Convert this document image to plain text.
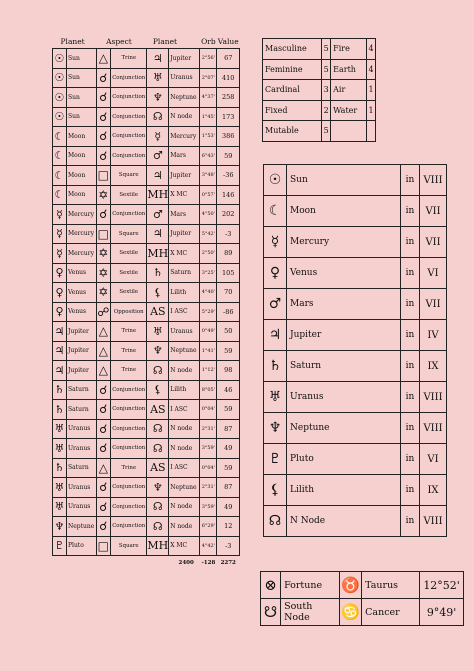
Planet		Aspect		Planet		Orb	Value
☉	Sun	△	Trine	♃	Jupiter	2°56'	67
☉	Sun	☌	Conjunction	♅	Uranus	2°07'	410
☉	Sun	☌	Conjunction	♆	Neptune	4°37'	258
☉	Sun	☌	Conjunction	☊	N node	1°45'	173
☾	Moon	☌	Conjunction	☿	Mercury	1°53'	386
☾	Moon	☌	Conjunction	♂	Mars	6°43'	59
☾	Moon	□	Square	♃	Jupiter	3°48'	-36
☾	Moon	✡	Sextile	MH	X MC	0°57'	146
☿	Mercury	☌	Conjunction	♂	Mars	4°50'	202
☿	Mercury	□	Square	♃	Jupiter	5°42'	-3
☿	Mercury	✡	Sextile	MH	X MC	2°50'	89
♀	Venus	✡	Sextile	♄	Saturn	3°25'	105
♀	Venus	✡	Sextile	⚸	Lilith	4°40'	70
♀	Venus	☍	Opposition	AS	I ASC	5°29'	-86
♃	Jupiter	△	Trine	♅	Uranus	0°49'	50
♃	Jupiter	△	Trine	♆	Neptune	1°41'	59
♃	Jupiter	△	Trine	☊	N node	1°12'	98
♄	Saturn	☌	Conjunction	⚸	Lilith	8°05'	46
♄	Saturn	☌	Conjunction	AS	I ASC	0°04'	59
♅	Uranus	☌	Conjunction	☊	N node	2°31'	87
♅	Uranus	☌	Conjunction	☊	N node	3°59'	49
♄	Saturn	△	Trine	AS	I ASC	0°04'	59
♅	Uranus	☌	Conjunction	♆	Neptune	2°31'	87
♅	Uranus	☌	Conjunction	☊	N node	3°59'	49
♆	Neptune	☌	Conjunction	☊	N node	6°29'	12
♇	Pluto	□	Square	MH	X MC	4°42'	-3
2400						-128	2272
Masculine	5	Fire	4
Feminine	5	Earth	4
Cardinal	3	Air	1
Fixed	2	Water	1
Mutable	5		
☉	Sun	in	VIII
☾	Moon	in	VII
☿	Mercury	in	VII
♀	Venus	in	VI
♂	Mars	in	VII
♃	Jupiter	in	IV
♄	Saturn	in	IX
♅	Uranus	in	VIII
♆	Neptune	in	VIII
♇	Pluto	in	VI
⚸	Lilith	in	IX
☊	N Node	in	VIII
⊗	Fortune	♉	Taurus	12°52'
☋	South Node	♋	Cancer	9°49'
